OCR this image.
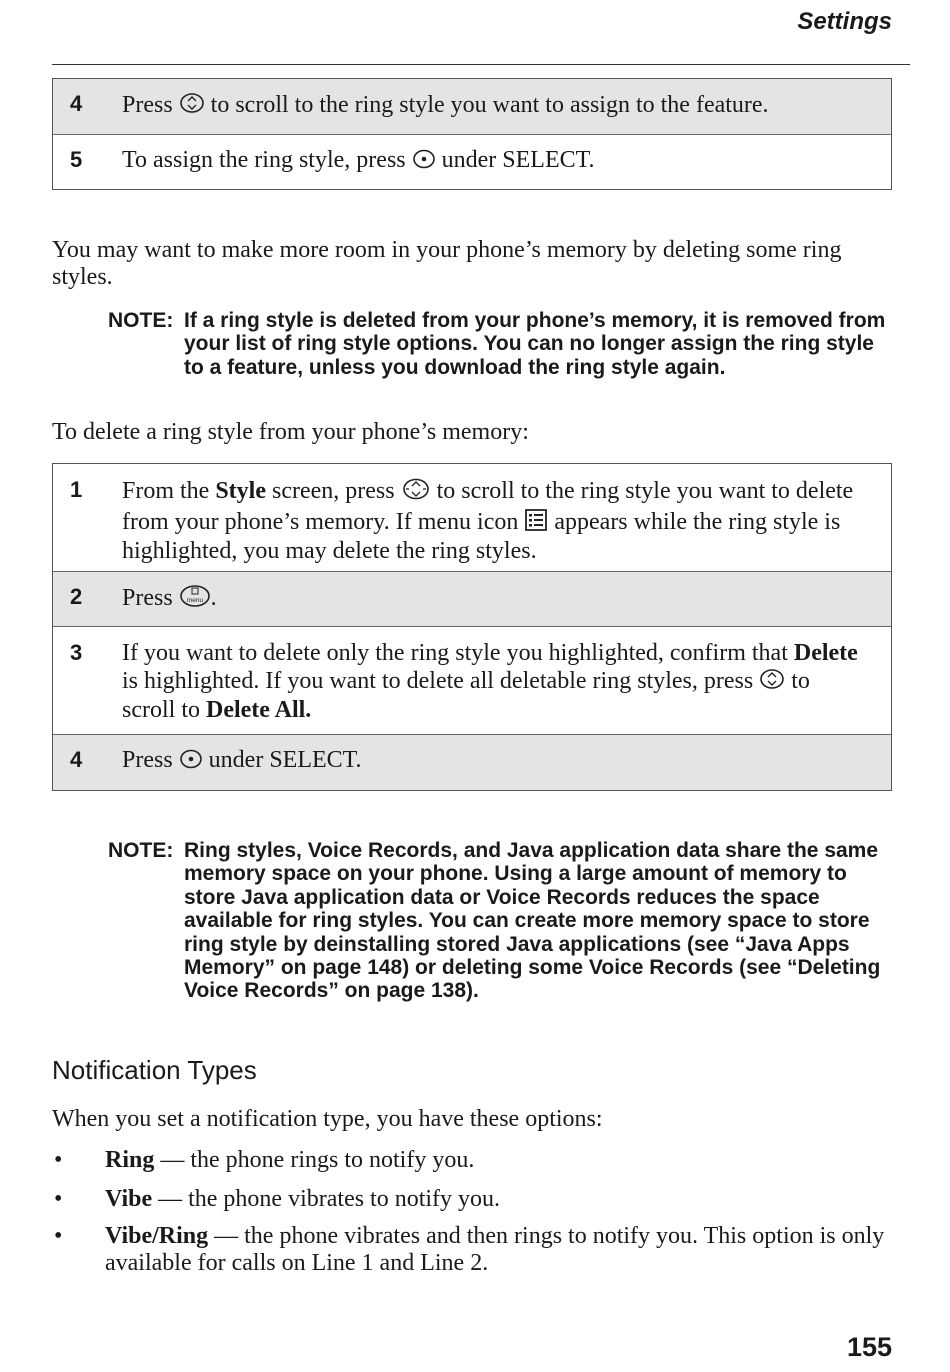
Settings
4	Press to scroll to the ring style you want to assign to the feature.
5	To assign the ring style, press under SELECT.

You may want to make more room in your phone’s memory by deleting some ring styles.

NOTE: If a ring style is deleted from your phone’s memory, it is removed from your list of ring style options. You can no longer assign the ring style to a feature, unless you download the ring style again.

To delete a ring style from your phone’s memory:

1	From the Style screen, press to scroll to the ring style you want to delete from your phone’s memory. If menu icon appears while the ring style is highlighted, you may delete the ring styles.
2	Press menu .
3	If you want to delete only the ring style you highlighted, confirm that Delete is highlighted. If you want to delete all deletable ring styles, press to scroll to Delete All.
4	Press under SELECT.
NOTE: Ring styles, Voice Records, and Java application data share the same memory space on your phone. Using a large amount of memory to store Java application data or Voice Records reduces the space available for ring styles. You can create more memory space to store ring style by deinstalling stored Java applications (see “Java Apps Memory” on page 148) or deleting some Voice Records (see “Deleting Voice Records” on page 138).
Notification Types

When you set a notification type, you have these options:

• Ring — the phone rings to notify you.
• Vibe — the phone vibrates to notify you.
• Vibe/Ring — the phone vibrates and then rings to notify you. This option is only available for calls on Line 1 and Line 2.
155
